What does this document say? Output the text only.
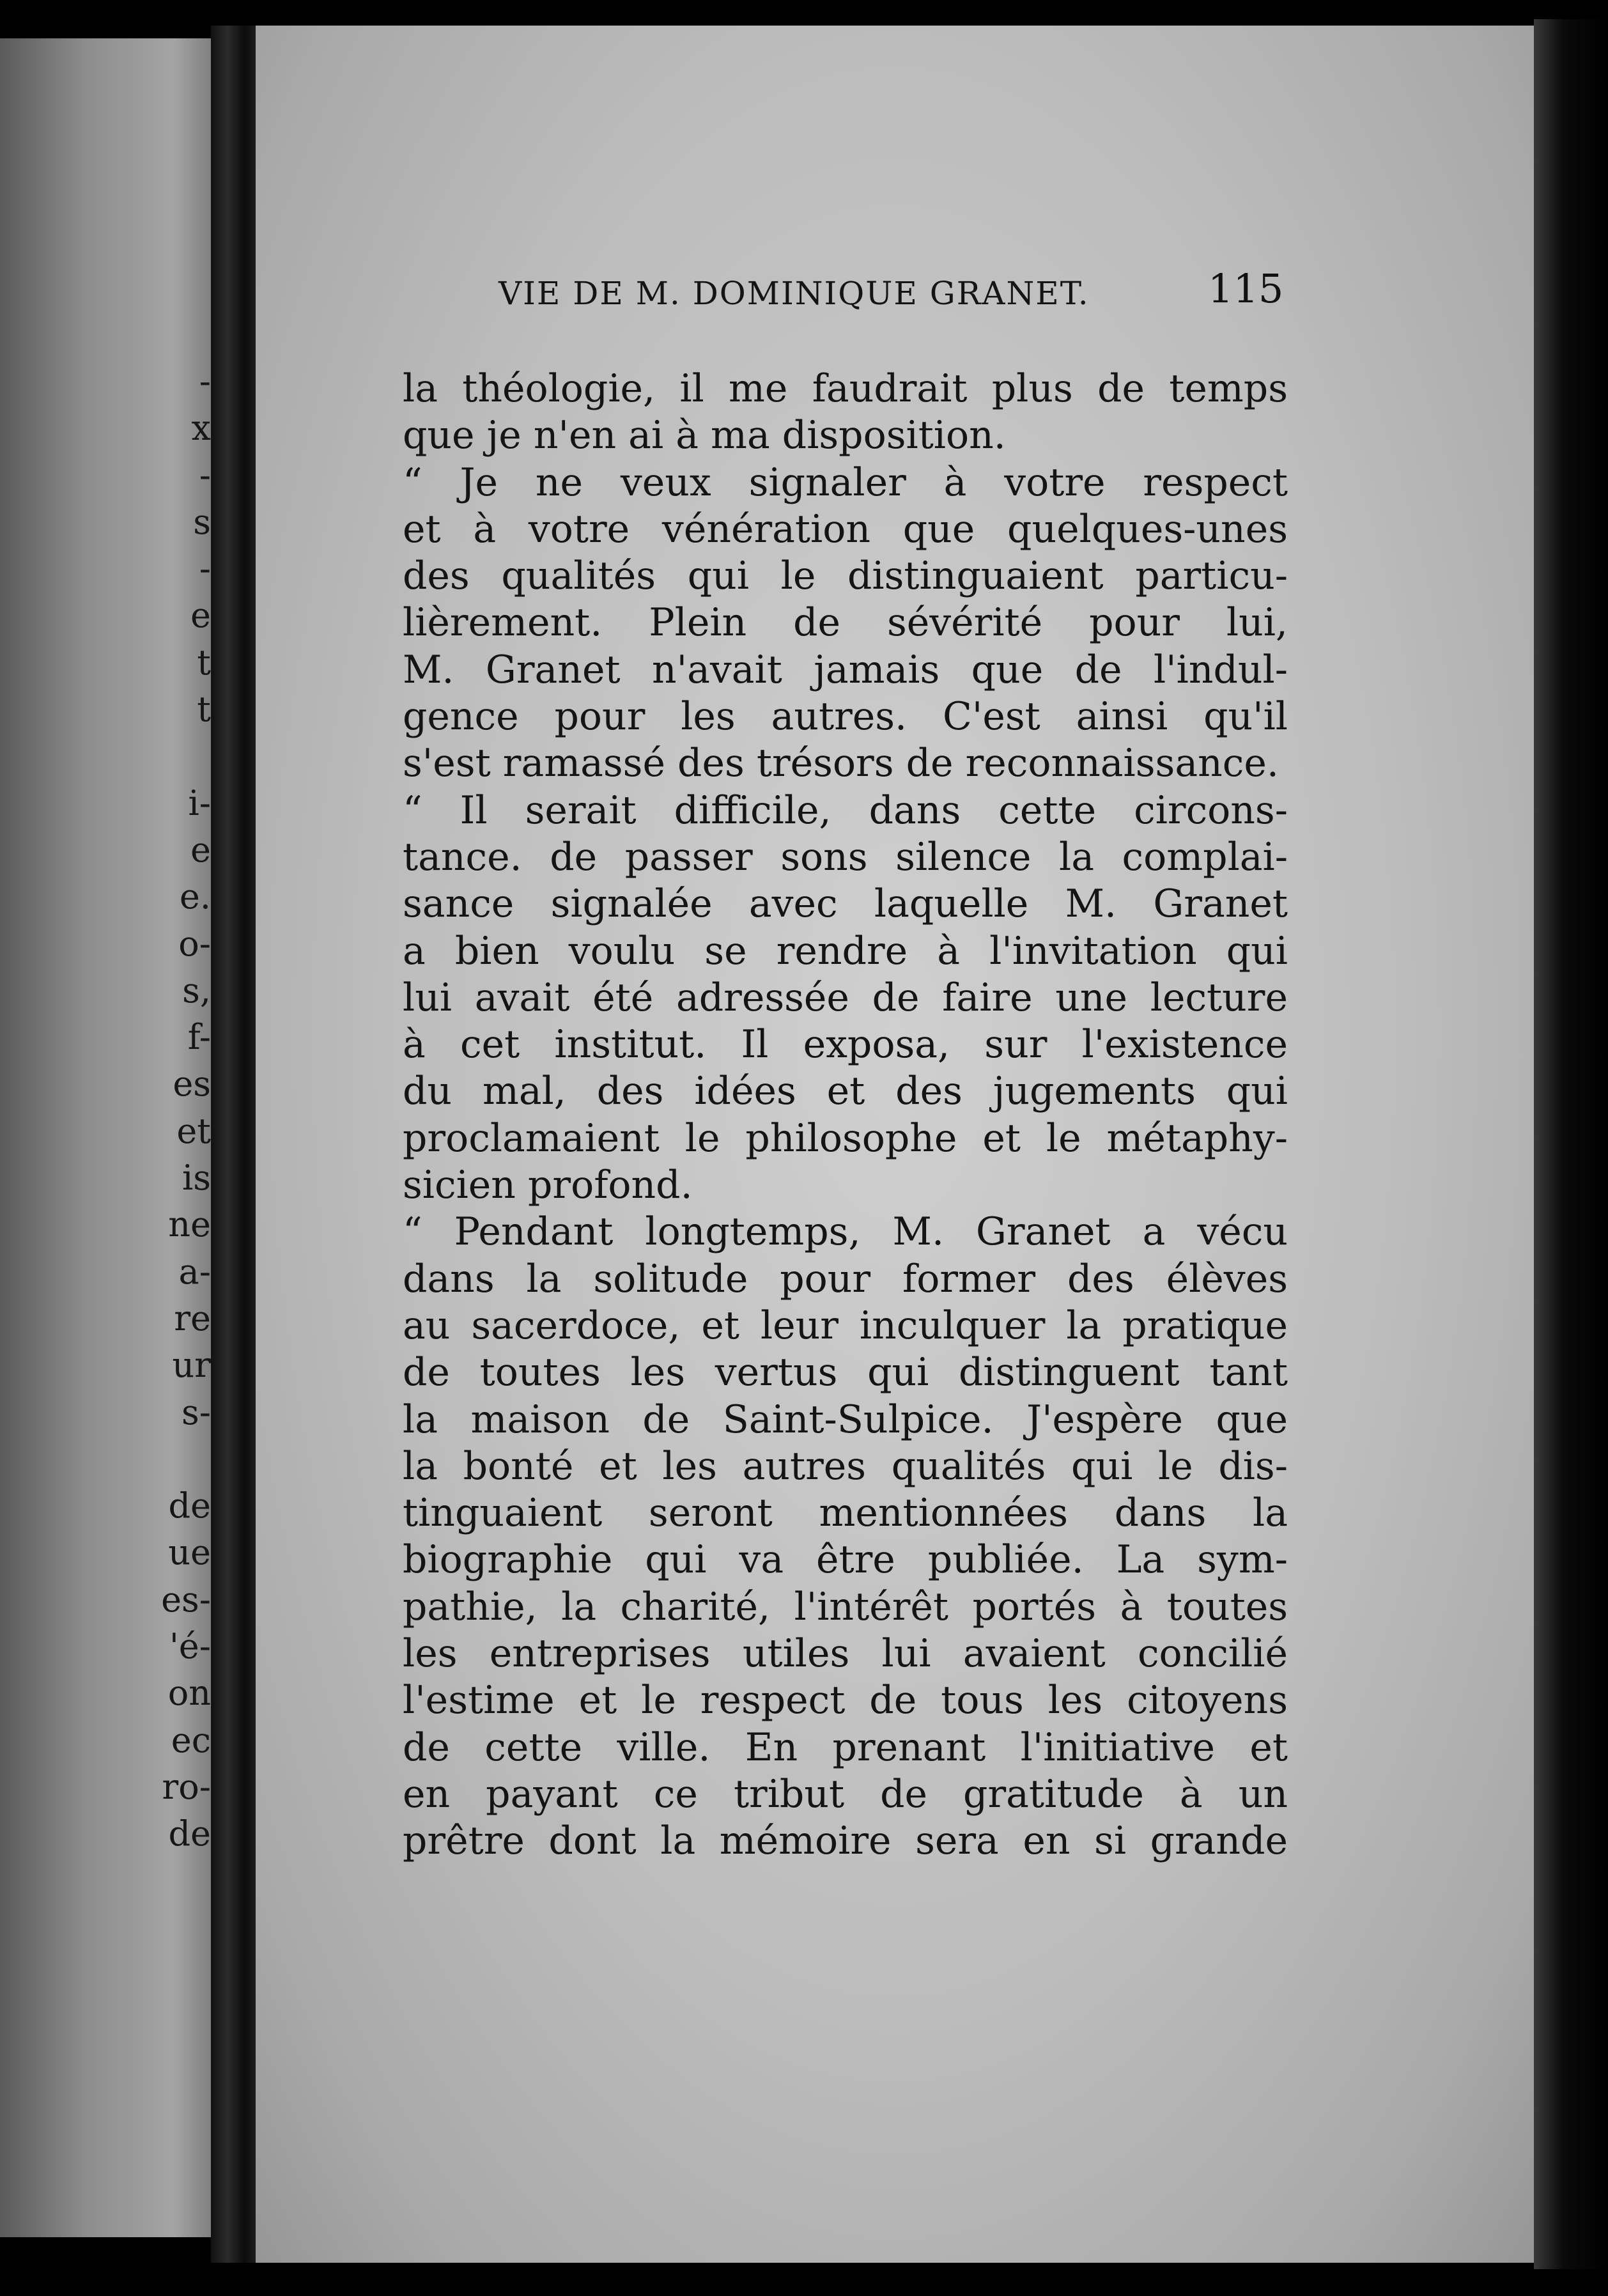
-
x
-
s
-
e
t
t
i-
e
e.
o-
s,
f-
es
et
is
ne
a-
re
ur
s-
de
ue
es-
'é-
on
ec
ro-
de
VIE DE M. DOMINIQUE GRANET.	115
la théologie, il me faudrait plus de temps
que je n'en ai à ma disposition.
“ Je ne veux signaler à votre respect
et à votre vénération que quelques-unes
des qualités qui le distinguaient particu-
lièrement. Plein de sévérité pour lui,
M. Granet n'avait jamais que de l'indul-
gence pour les autres. C'est ainsi qu'il
s'est ramassé des trésors de reconnaissance.
“ Il serait difficile, dans cette circons-
tance. de passer sons silence la complai-
sance signalée avec laquelle M. Granet
a bien voulu se rendre à l'invitation qui
lui avait été adressée de faire une lecture
à cet institut. Il exposa, sur l'existence
du mal, des idées et des jugements qui
proclamaient le philosophe et le métaphy-
sicien profond.
“ Pendant longtemps, M. Granet a vécu
dans la solitude pour former des élèves
au sacerdoce, et leur inculquer la pratique
de toutes les vertus qui distinguent tant
la maison de Saint-Sulpice. J'espère que
la bonté et les autres qualités qui le dis-
tinguaient seront mentionnées dans la
biographie qui va être publiée. La sym-
pathie, la charité, l'intérêt portés à toutes
les entreprises utiles lui avaient concilié
l'estime et le respect de tous les citoyens
de cette ville. En prenant l'initiative et
en payant ce tribut de gratitude à un
prêtre dont la mémoire sera en si grande
